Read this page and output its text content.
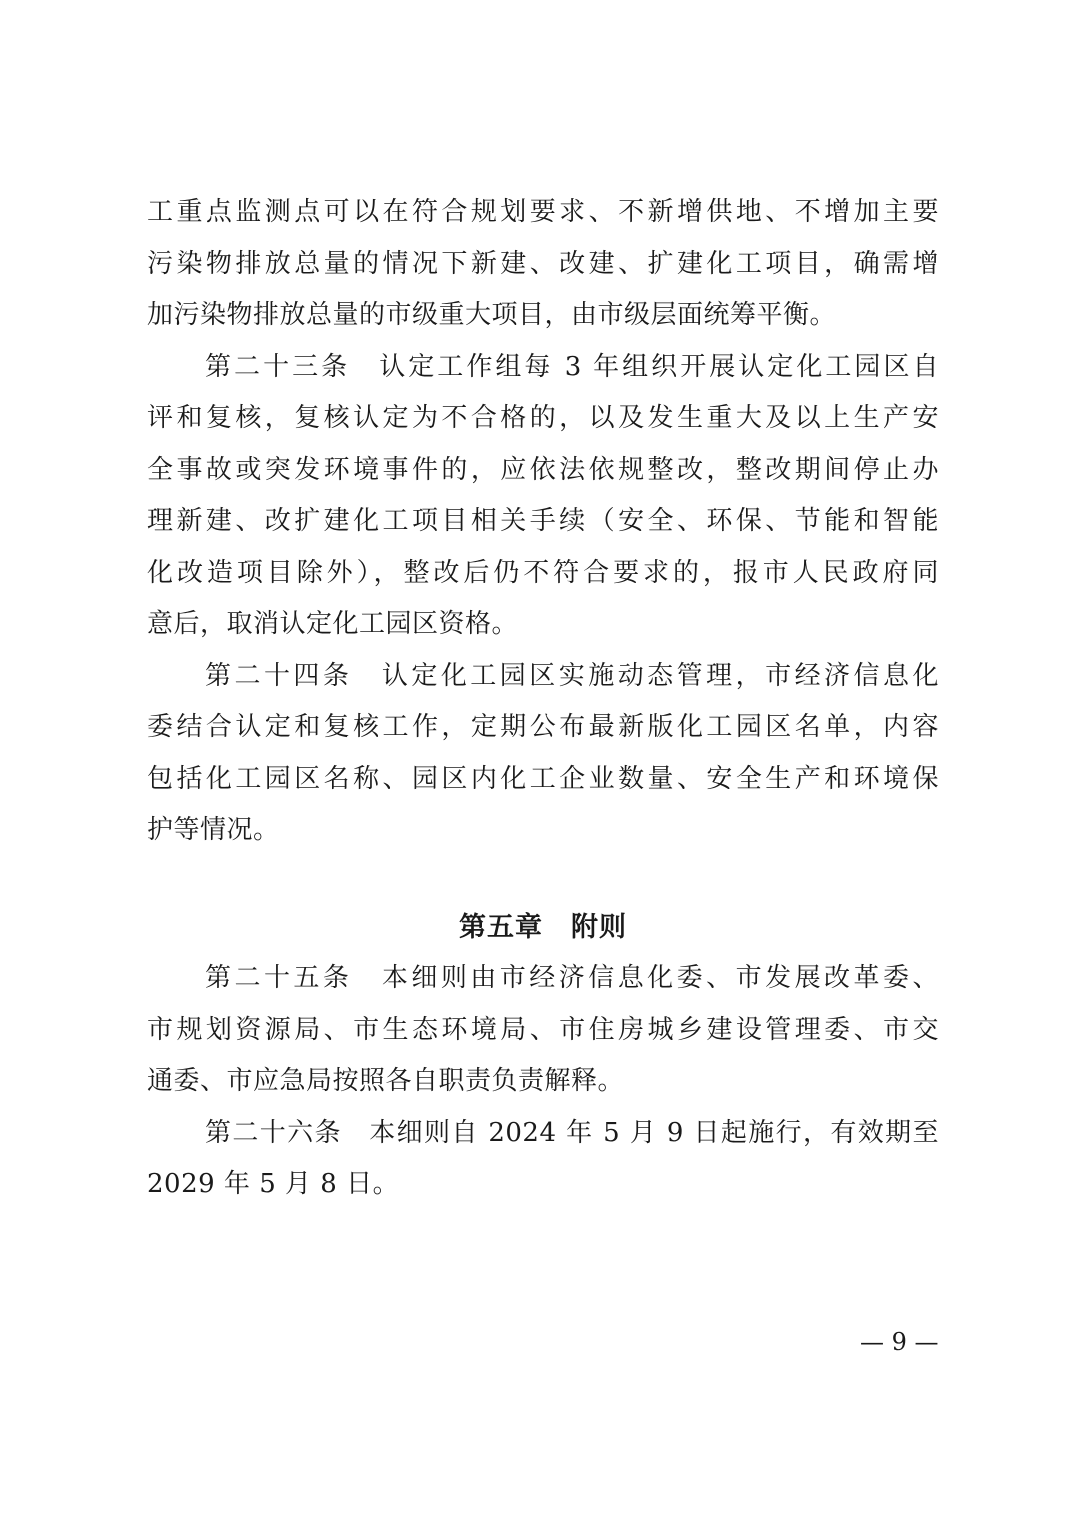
工重点监测点可以在符合规划要求、不新增供地、不增加主要
污染物排放总量的情况下新建、改建、扩建化工项目，确需增
加污染物排放总量的市级重大项目，由市级层面统筹平衡。
第二十三条　认定工作组每 3 年组织开展认定化工园区自
评和复核，复核认定为不合格的，以及发生重大及以上生产安
全事故或突发环境事件的，应依法依规整改，整改期间停止办
理新建、改扩建化工项目相关手续（安全、环保、节能和智能
化改造项目除外），整改后仍不符合要求的，报市人民政府同
意后，取消认定化工园区资格。
第二十四条　认定化工园区实施动态管理，市经济信息化
委结合认定和复核工作，定期公布最新版化工园区名单，内容
包括化工园区名称、园区内化工企业数量、安全生产和环境保
护等情况。
第五章　附则
第二十五条　本细则由市经济信息化委、市发展改革委、
市规划资源局、市生态环境局、市住房城乡建设管理委、市交
通委、市应急局按照各自职责负责解释。
第二十六条　本细则自 2024 年 5 月 9 日起施行，有效期至
2029 年 5 月 8 日。
— 9 —
